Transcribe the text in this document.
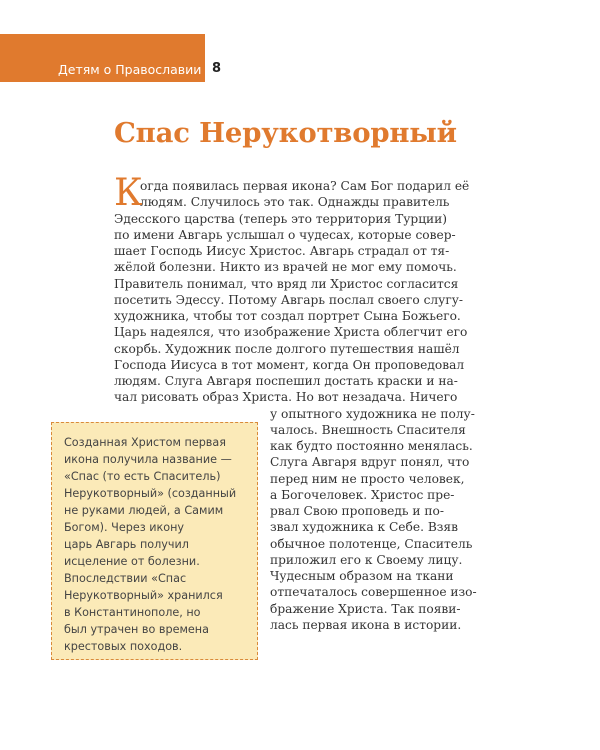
Детям о Православии 8
Спас Нерукотворный
К
огда появилась первая икона? Сам Бог подарил её
людям. Случилось это так. Однажды правитель
Эдесского царства (теперь это территория Турции)
по имени Авгарь услышал о чудесах, которые совер-
шает Господь Иисус Христос. Авгарь страдал от тя-
жёлой болезни. Никто из врачей не мог ему помочь.
Правитель понимал, что вряд ли Христос согласится
посетить Эдессу. Потому Авгарь послал своего слугу-
художника, чтобы тот создал портрет Сына Божьего.
Царь надеялся, что изображение Христа облегчит его
скорбь. Художник после долгого путешествия нашёл
Господа Иисуса в тот момент, когда Он проповедовал
людям. Слуга Авгаря поспешил достать краски и на-
чал рисовать образ Христа. Но вот незадача. Ничего
у опытного художника не полу-
чалось. Внешность Спасителя
как будто постоянно менялась.
Слуга Авгаря вдруг понял, что
перед ним не просто человек,
а Богочеловек. Христос пре-
рвал Свою проповедь и по-
звал художника к Себе. Взяв
обычное полотенце, Спаситель
приложил его к Своему лицу.
Чудесным образом на ткани
отпечаталось совершенное изо-
бражение Христа. Так появи-
лась первая икона в истории.
Созданная Христом первая
икона получила название —
«Спас (то есть Спаситель)
Нерукотворный» (созданный
не руками людей, а Самим
Богом). Через икону
царь Авгарь получил
исцеление от болезни.
Впоследствии «Спас
Нерукотворный» хранился
в Константинополе, но
был утрачен во времена
крестовых походов.
